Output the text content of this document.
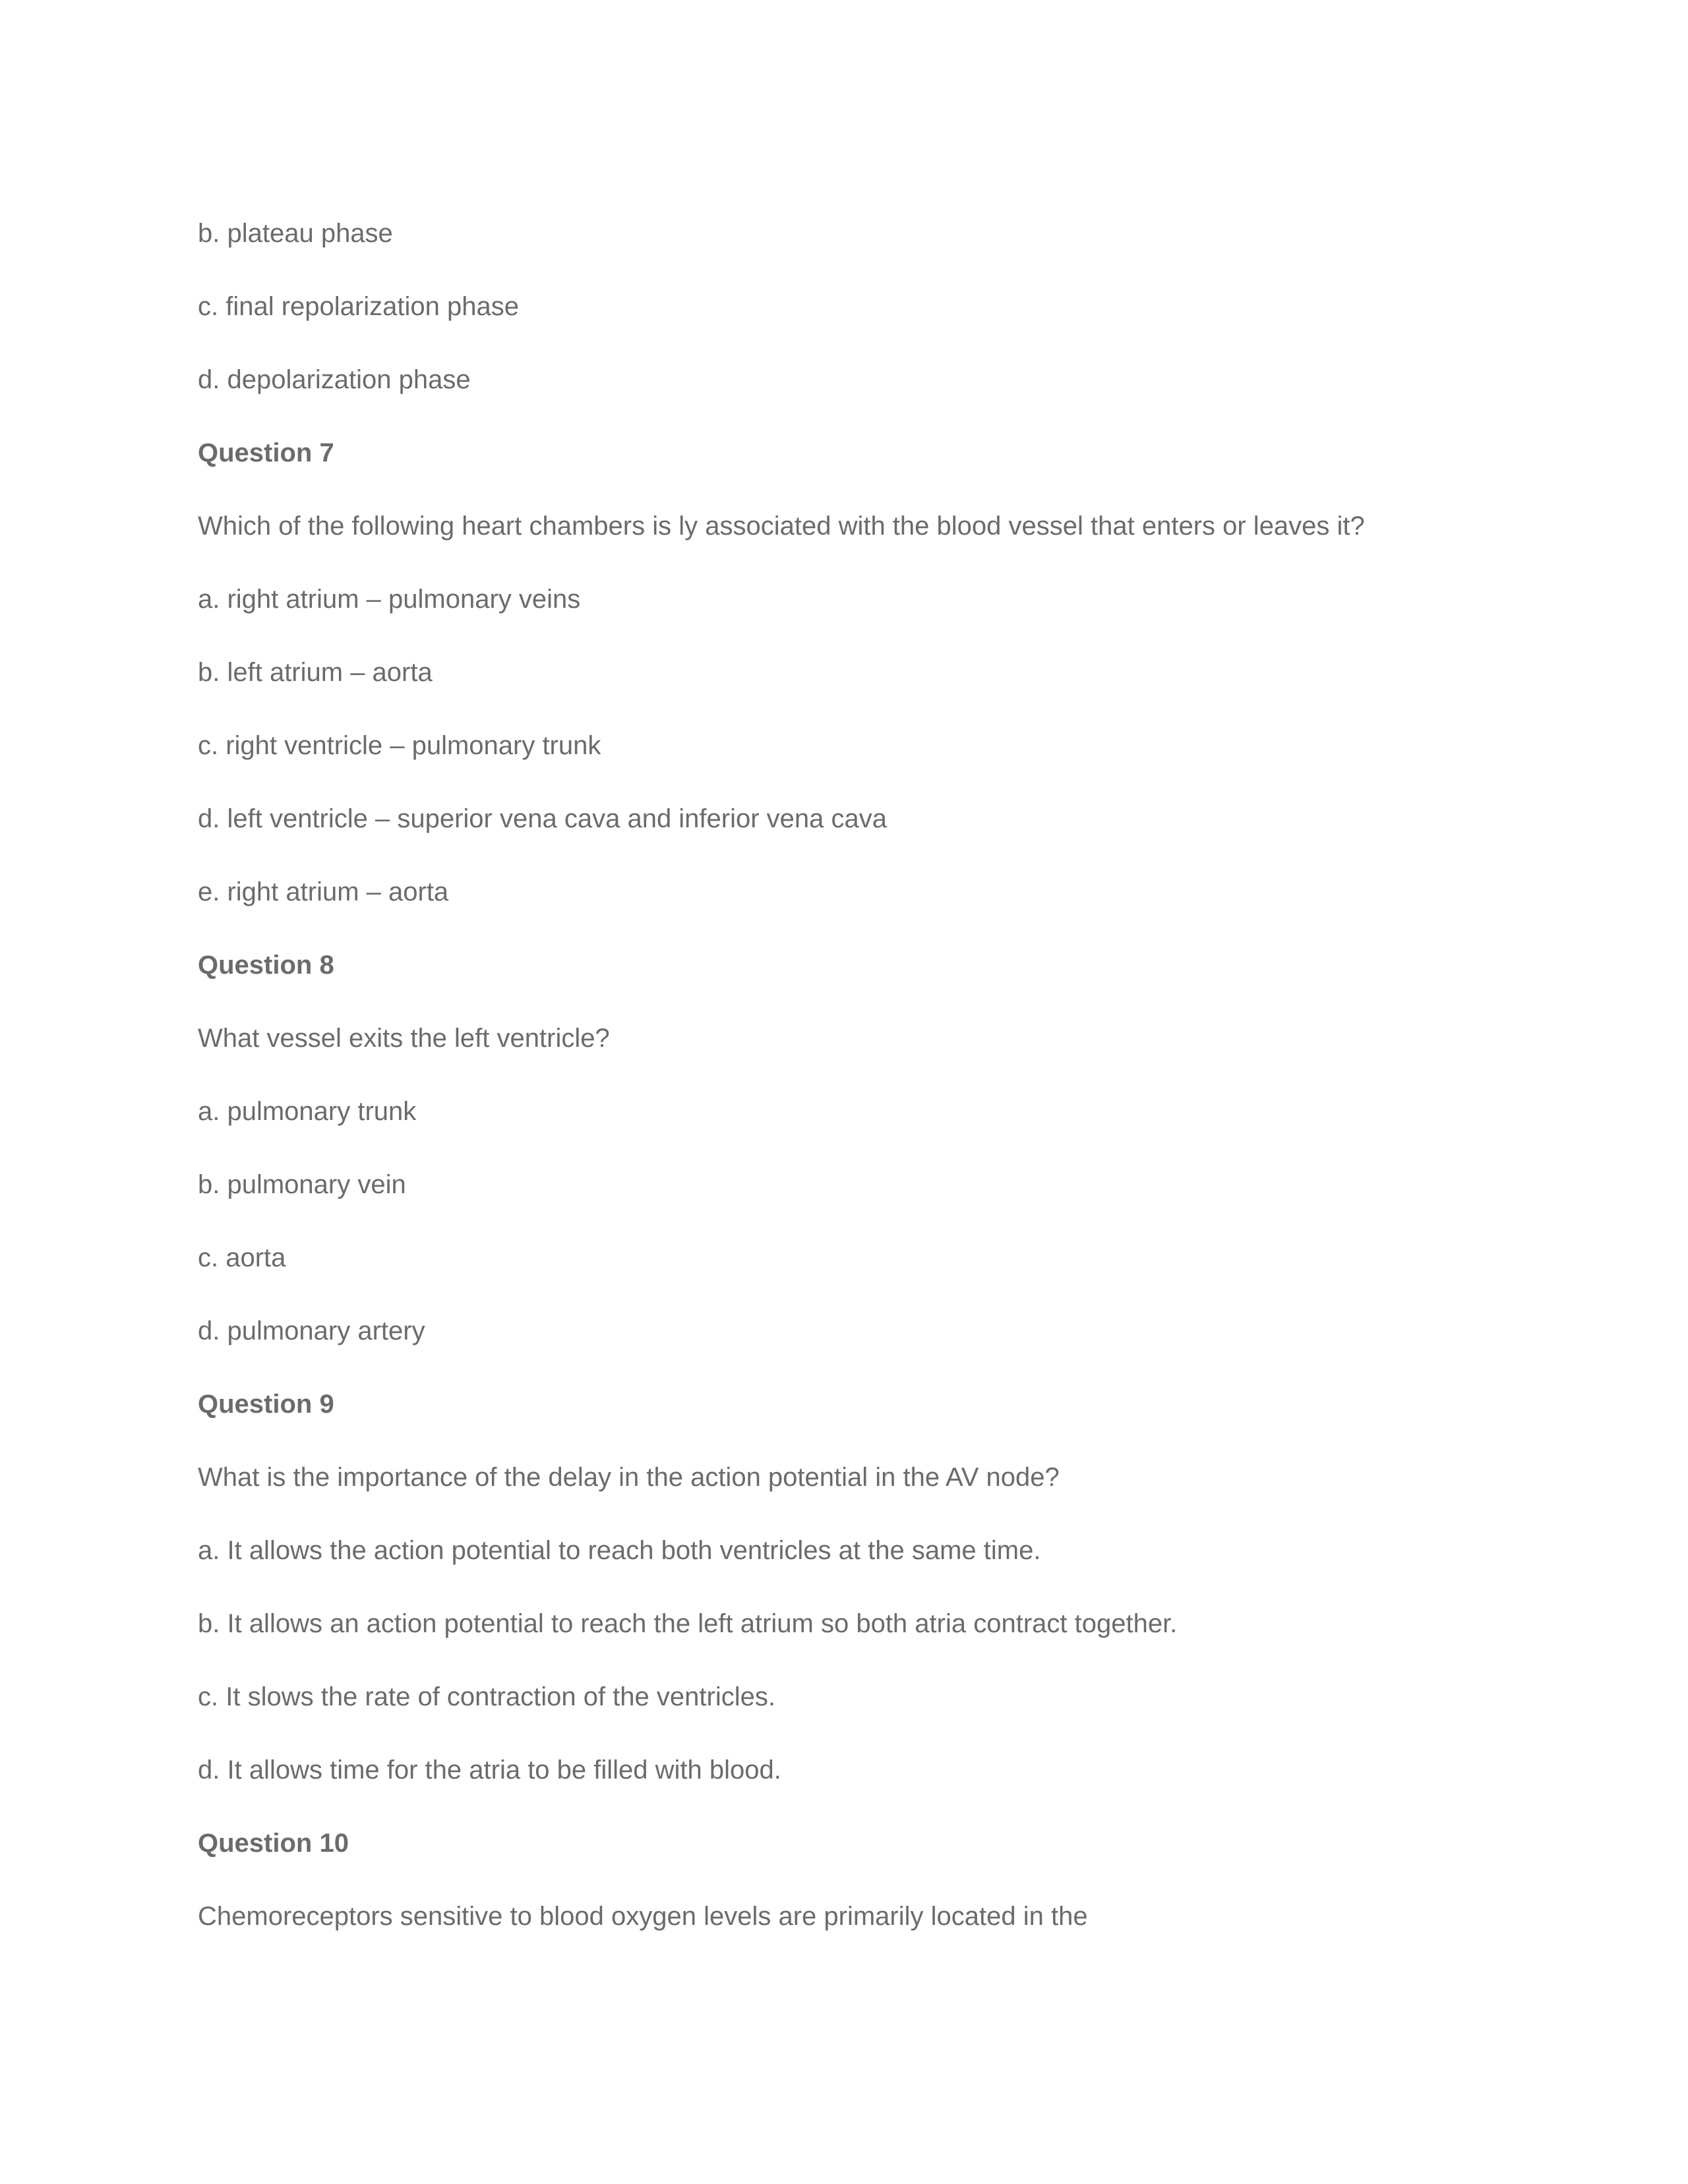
b. plateau phase
c. final repolarization phase
d. depolarization phase
Question 7
Which of the following heart chambers is ly associated with the blood vessel that enters or leaves it?
a. right atrium – pulmonary veins
b. left atrium – aorta
c. right ventricle – pulmonary trunk
d. left ventricle – superior vena cava and inferior vena cava
e. right atrium – aorta
Question 8
What vessel exits the left ventricle?
a. pulmonary trunk
b. pulmonary vein
c. aorta
d. pulmonary artery
Question 9
What is the importance of the delay in the action potential in the AV node?
a. It allows the action potential to reach both ventricles at the same time.
b. It allows an action potential to reach the left atrium so both atria contract together.
c. It slows the rate of contraction of the ventricles.
d. It allows time for the atria to be filled with blood.
Question 10
Chemoreceptors sensitive to blood oxygen levels are primarily located in the
